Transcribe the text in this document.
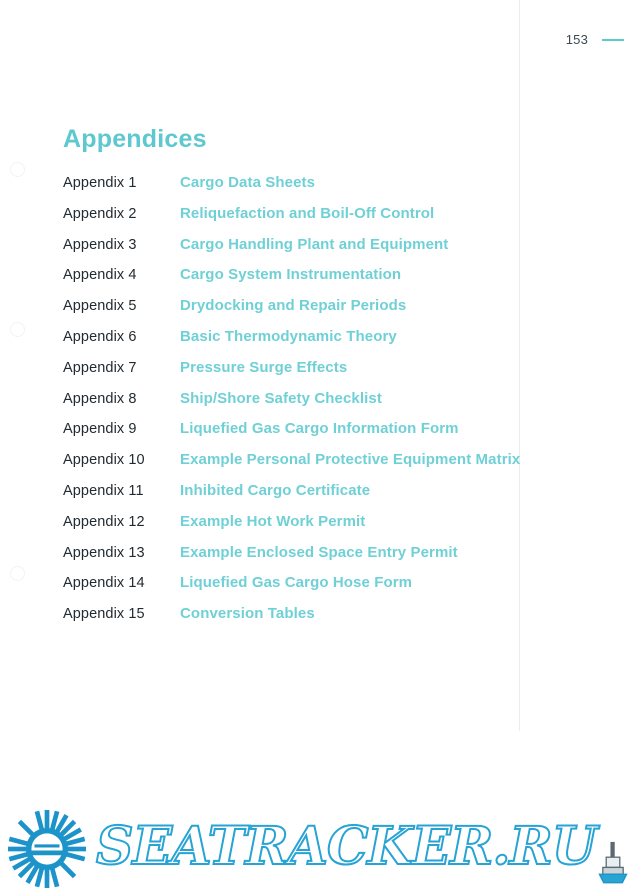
153
Appendices
Appendix 1	Cargo Data Sheets
Appendix 2	Reliquefaction and Boil-Off Control
Appendix 3	Cargo Handling Plant and Equipment
Appendix 4	Cargo System Instrumentation
Appendix 5	Drydocking and Repair Periods
Appendix 6	Basic Thermodynamic Theory
Appendix 7	Pressure Surge Effects
Appendix 8	Ship/Shore Safety Checklist
Appendix 9	Liquefied Gas Cargo Information Form
Appendix 10	Example Personal Protective Equipment Matrix
Appendix 11	Inhibited Cargo Certificate
Appendix 12	Example Hot Work Permit
Appendix 13	Example Enclosed Space Entry Permit
Appendix 14	Liquefied Gas Cargo Hose Form
Appendix 15	Conversion Tables
SEATRACKER.RU
